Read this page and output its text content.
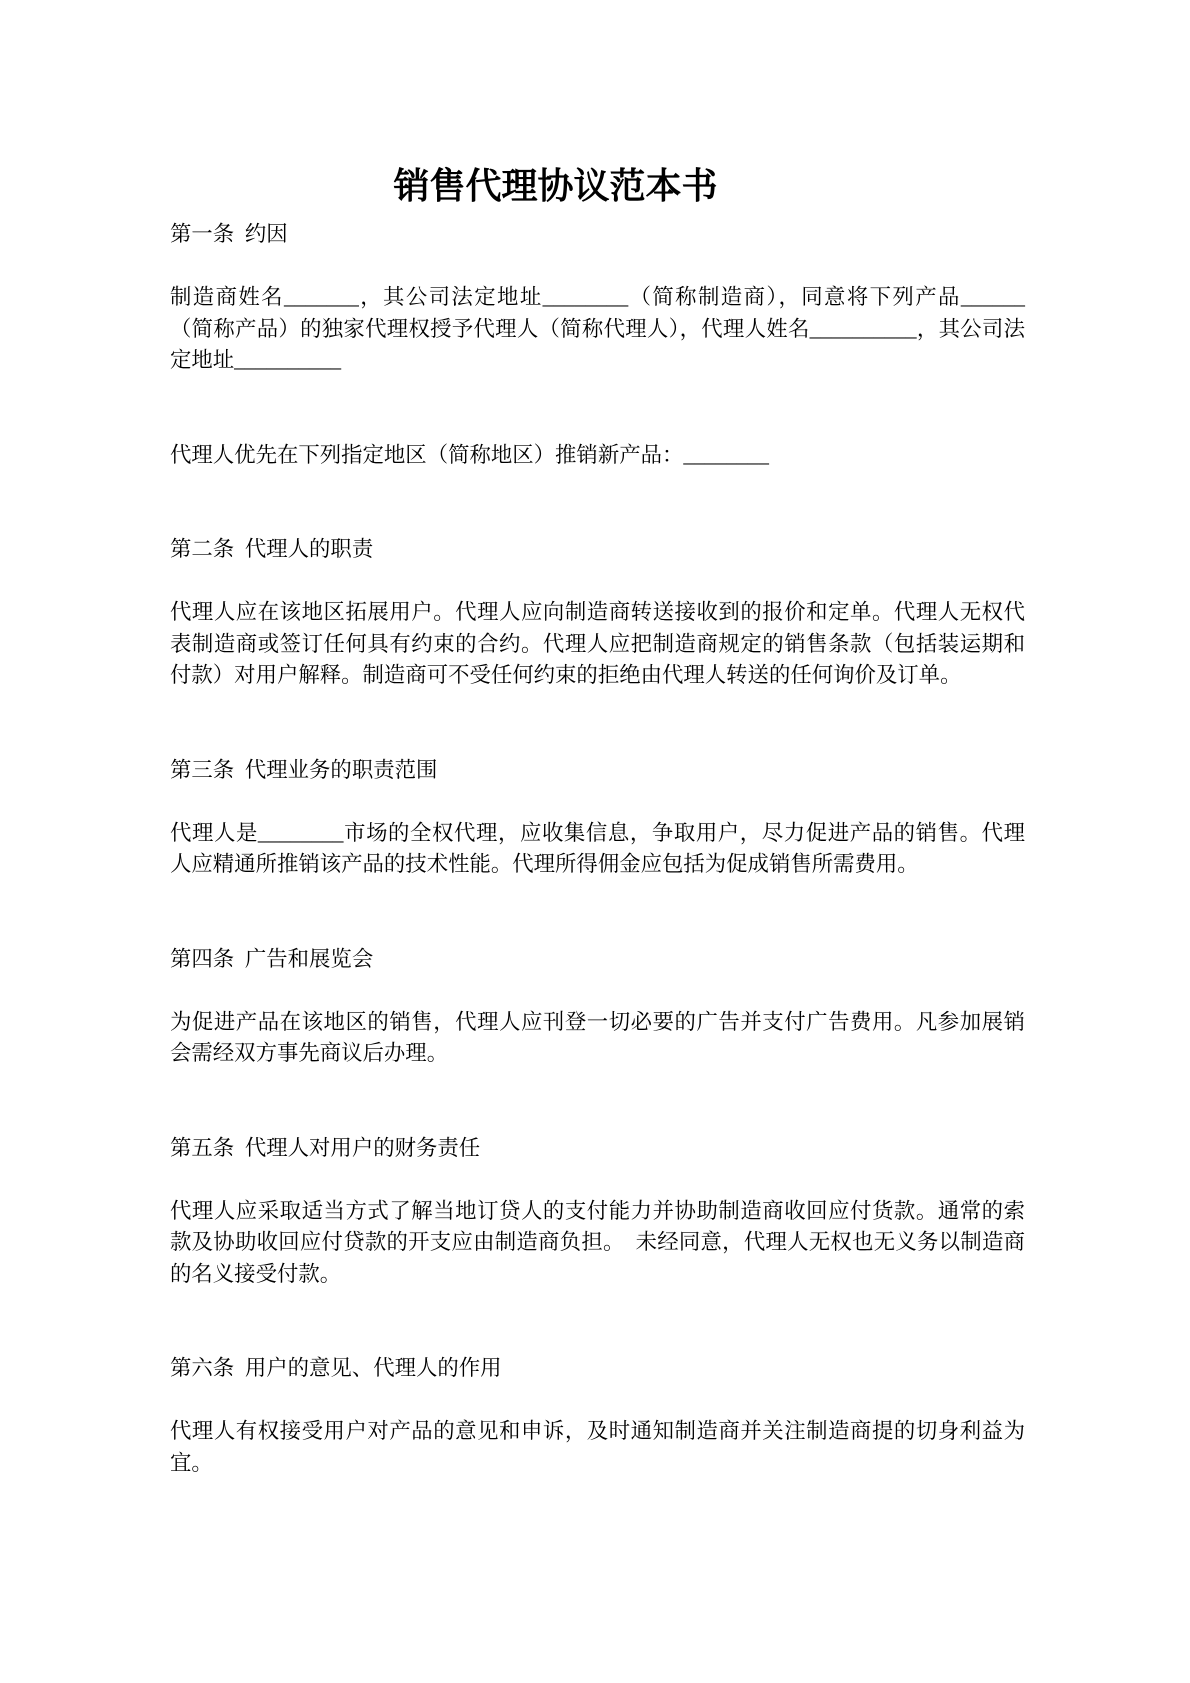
销售代理协议范本书

第一条 约因

制造商姓名_______，其公司法定地址________（简称制造商），同意将下列产品______（简称产品）的独家代理权授予代理人（简称代理人），代理人姓名__________，其公司法定地址__________

代理人优先在下列指定地区（简称地区）推销新产品：________

第二条 代理人的职责

代理人应在该地区拓展用户。代理人应向制造商转送接收到的报价和定单。代理人无权代表制造商或签订任何具有约束的合约。代理人应把制造商规定的销售条款（包括装运期和付款）对用户解释。制造商可不受任何约束的拒绝由代理人转送的任何询价及订单。

第三条 代理业务的职责范围

代理人是________市场的全权代理，应收集信息，争取用户，尽力促进产品的销售。代理人应精通所推销该产品的技术性能。代理所得佣金应包括为促成销售所需费用。

第四条 广告和展览会

为促进产品在该地区的销售，代理人应刊登一切必要的广告并支付广告费用。凡参加展销会需经双方事先商议后办理。

第五条 代理人对用户的财务责任

代理人应采取适当方式了解当地订贷人的支付能力并协助制造商收回应付货款。通常的索款及协助收回应付贷款的开支应由制造商负担。 未经同意，代理人无权也无义务以制造商的名义接受付款。

第六条 用户的意见、代理人的作用

代理人有权接受用户对产品的意见和申诉，及时通知制造商并关注制造商提的切身利益为宜。
